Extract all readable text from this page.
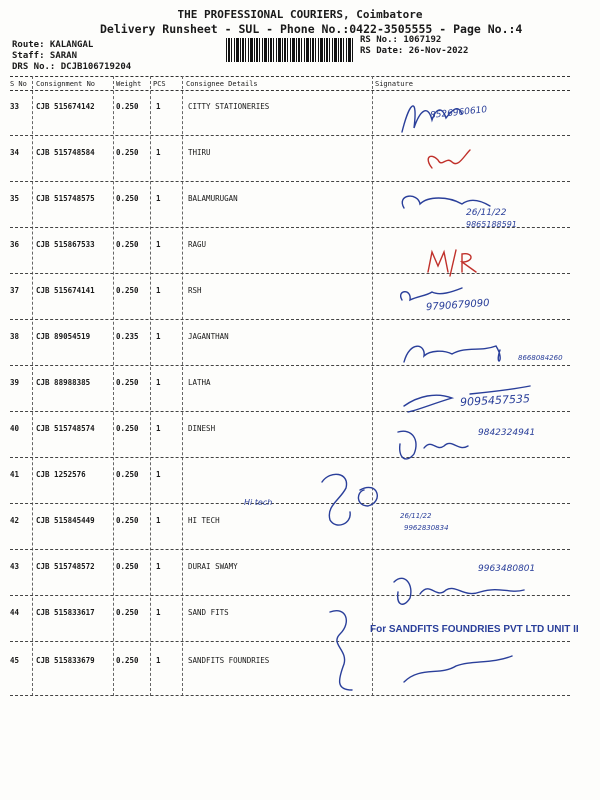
THE PROFESSIONAL COURIERS, Coimbatore
Delivery Runsheet - SUL - Phone No.:0422-3505555 - Page No.:4
Route: KALANGAL
Staff: SARAN
DRS No.: DCJB106719204
RS No.: 1067192
RS Date: 26-Nov-2022
S No Consignment No	Weight PCS	Consignee Details	Signature
33 CJB 515674142	0.250 1	CITTY STATIONERIES
34 CJB 515748584	0.250 1	THIRU
35 CJB 515748575	0.250 1	BALAMURUGAN
36 CJB 515867533	0.250 1	RAGU
37 CJB 515674141	0.250 1	RSH
38 CJB 89054519	0.235 1	JAGANTHAN
39 CJB 88988385	0.250 1	LATHA
40 CJB 515748574	0.250 1	DINESH
41 CJB 1252576	0.250 1
42 CJB 515845449	0.250 1	HI TECH
43 CJB 515748572	0.250 1	DURAI SWAMY
44 CJB 515833617	0.250 1	SAND FITS
45 CJB 515833679	0.250 1	SANDFITS FOUNDRIES
8526960610
26/11/22
9865188591
9790679090
8668084260
9095457535
9842324941
Hi tech
26/11/22
9962830834
9963480801
For SANDFITS FOUNDRIES PVT LTD UNIT II
